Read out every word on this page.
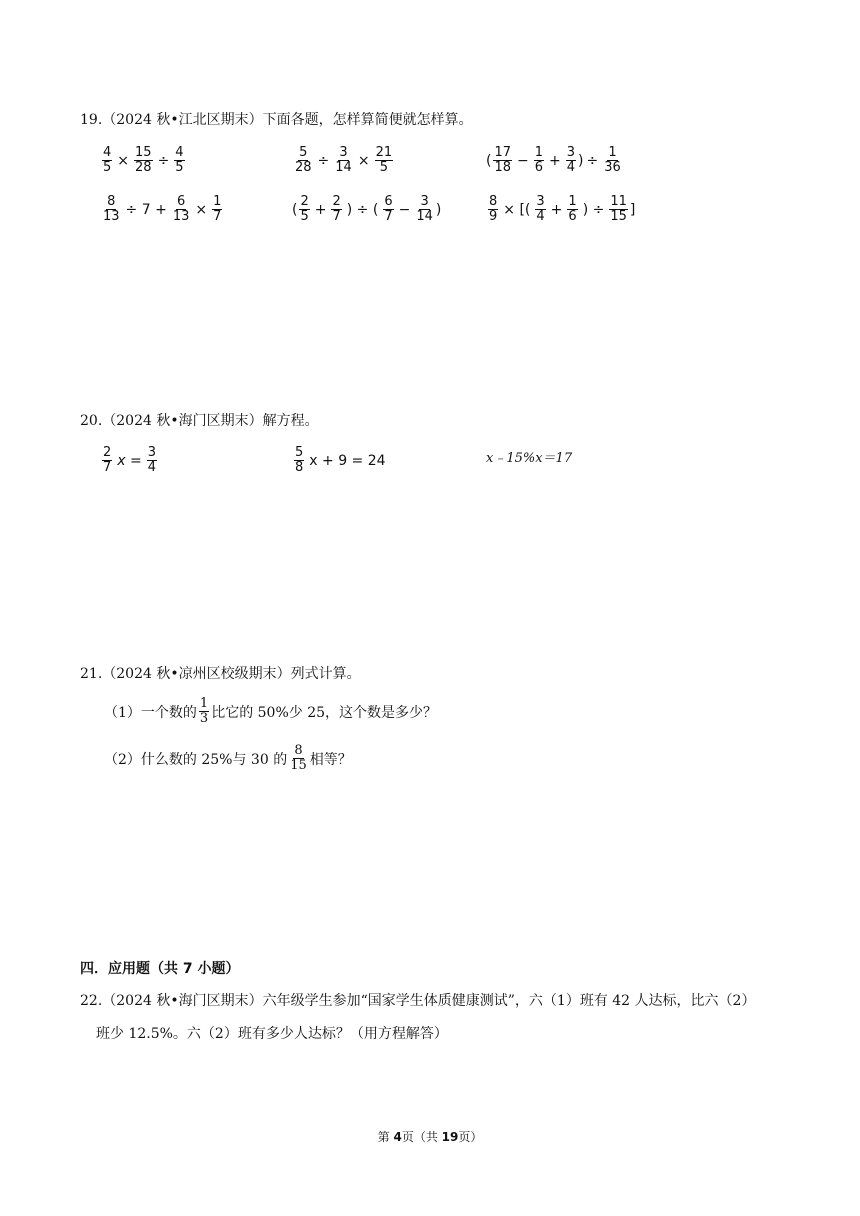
19.（2024 秋•江北区期末）下面各题，怎样算简便就怎样算。
$\frac{4}{5} \times \frac{15}{28} \div \frac{4}{5}$	$\frac{5}{28} \div \frac{3}{14} \times \frac{21}{5}$	( $\frac{17}{18} - \frac{1}{6} + \frac{3}{4}$ ) ÷ $\frac{1}{36}$
$\frac{8}{13} \div 7 + \frac{6}{13} \times \frac{1}{7}$	( $\frac{2}{5} + \frac{2}{7}$ ) ÷ ( $\frac{6}{7} - \frac{3}{14}$ )	$\frac{8}{9}$ × [( $\frac{3}{4} + \frac{1}{6}$ ) ÷ $\frac{11}{15}$ ]
20.（2024 秋•海门区期末）解方程。
$\frac{2}{7}$ $x = \frac{3}{4}$	$\frac{5}{8}$ x + 9 = 24	x﹣15%x＝17
21.（2024 秋•凉州区校级期末）列式计算。
（1）一个数的 $\frac{1}{3}$ 比它的 50%少 25，这个数是多少？
（2）什么数的 25%与 30 的 $\frac{8}{15}$ 相等？
四．应用题（共 7 小题）
22.（2024 秋•海门区期末）六年级学生参加“国家学生体质健康测试”，六（1）班有 42 人达标，比六（2）
班少 12.5%。六（2）班有多少人达标？（用方程解答）
第 4页（共 19页）
